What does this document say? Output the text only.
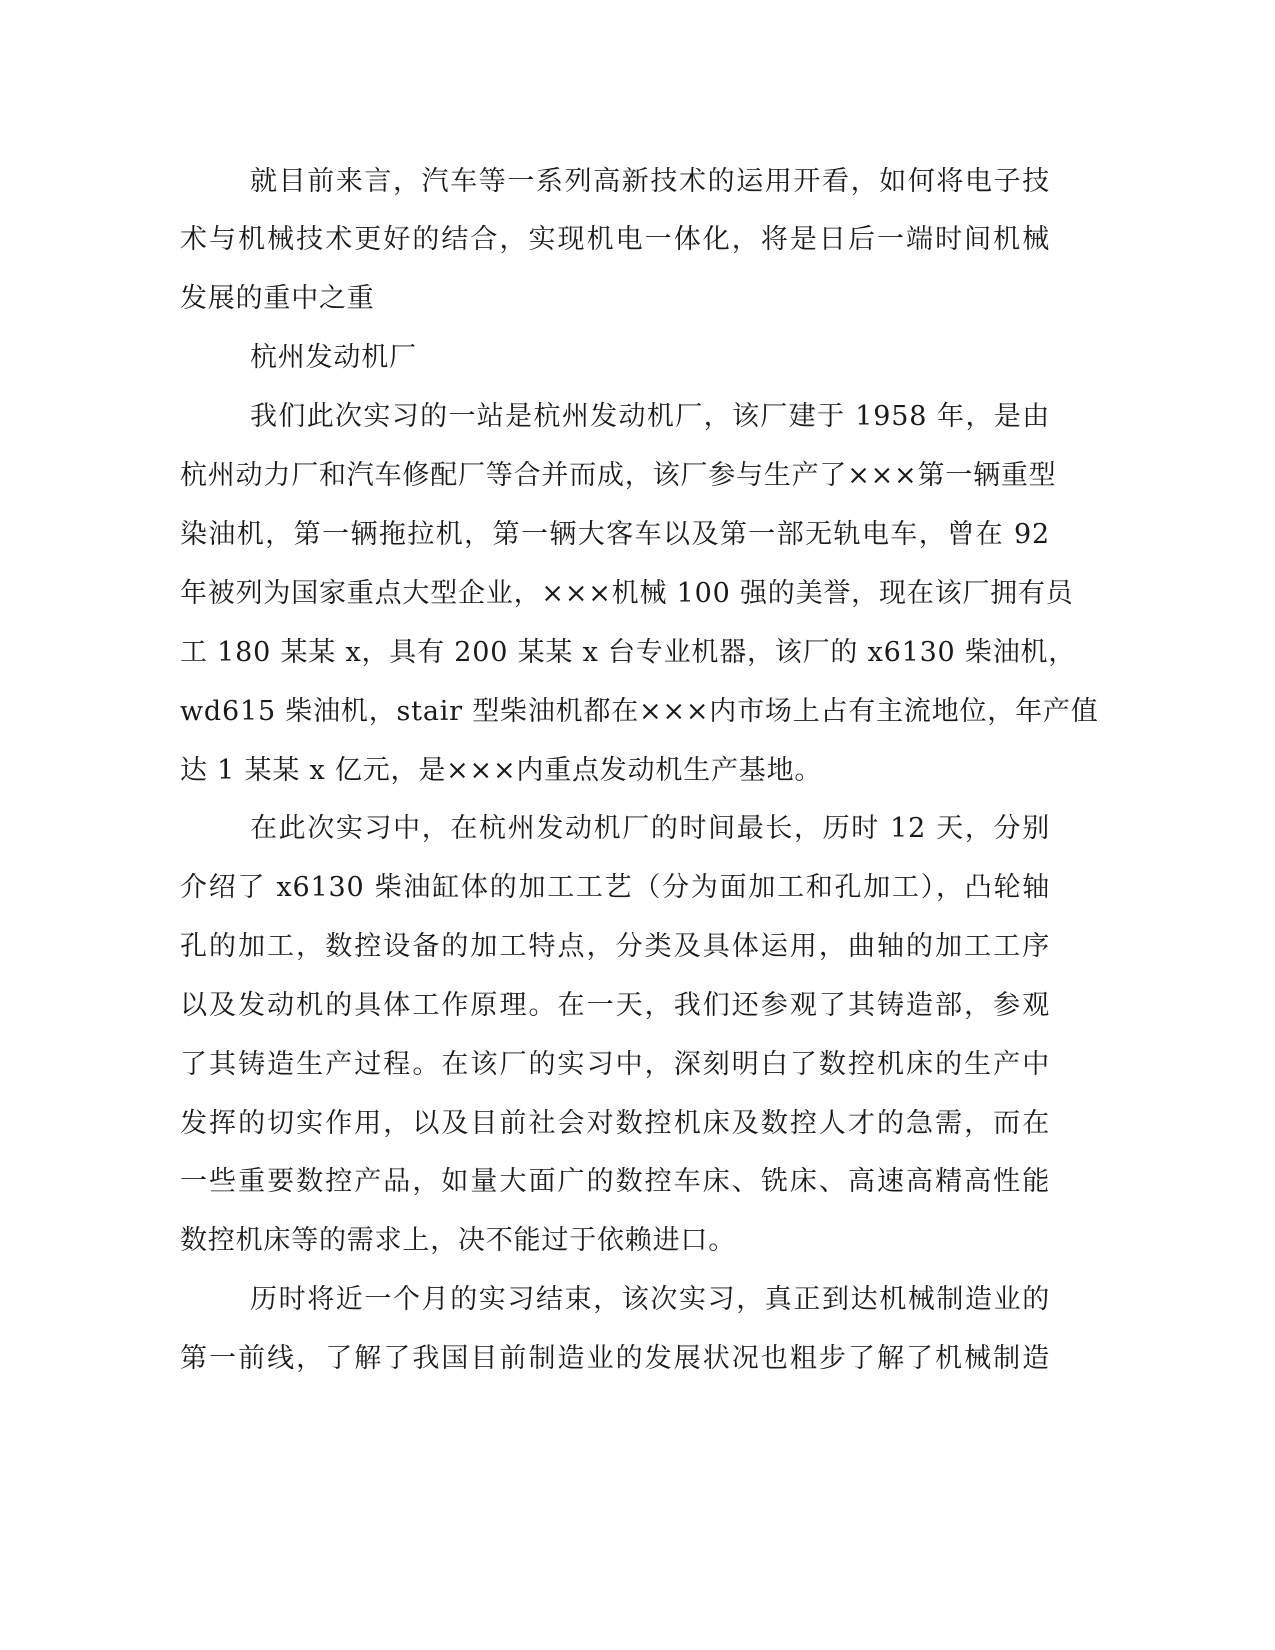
就目前来言，汽车等一系列高新技术的运用开看，如何将电子技
术与机械技术更好的结合，实现机电一体化，将是日后一端时间机械
发展的重中之重
杭州发动机厂
我们此次实习的一站是杭州发动机厂，该厂建于 1958 年，是由
杭州动力厂和汽车修配厂等合并而成，该厂参与生产了×××第一辆重型
染油机，第一辆拖拉机，第一辆大客车以及第一部无轨电车，曾在 92
年被列为国家重点大型企业，×××机械 100 强的美誉，现在该厂拥有员
工 180 某某 x，具有 200 某某 x 台专业机器，该厂的 x6130 柴油机，
wd615 柴油机，stair 型柴油机都在×××内市场上占有主流地位，年产值
达 1 某某 x 亿元，是×××内重点发动机生产基地。
在此次实习中，在杭州发动机厂的时间最长，历时 12 天，分别
介绍了 x6130 柴油缸体的加工工艺（分为面加工和孔加工），凸轮轴
孔的加工，数控设备的加工特点，分类及具体运用，曲轴的加工工序
以及发动机的具体工作原理。在一天，我们还参观了其铸造部，参观
了其铸造生产过程。在该厂的实习中，深刻明白了数控机床的生产中
发挥的切实作用，以及目前社会对数控机床及数控人才的急需，而在
一些重要数控产品，如量大面广的数控车床、铣床、高速高精高性能
数控机床等的需求上，决不能过于依赖进口。
历时将近一个月的实习结束，该次实习，真正到达机械制造业的
第一前线，了解了我国目前制造业的发展状况也粗步了解了机械制造
